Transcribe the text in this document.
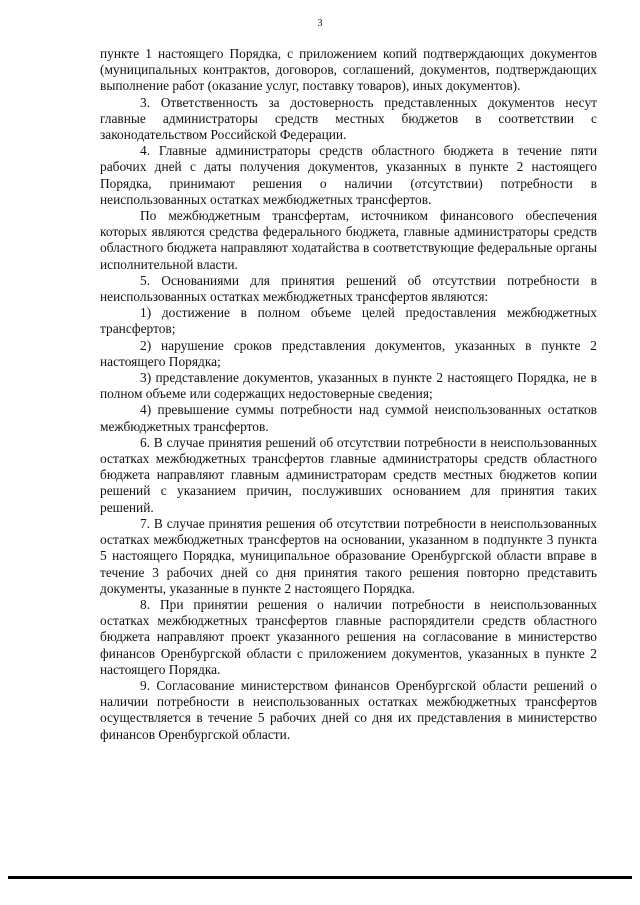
3

пункте 1 настоящего Порядка, с приложением копий подтверждающих документов (муниципальных контрактов, договоров, соглашений, документов, подтверждающих выполнение работ (оказание услуг, поставку товаров), иных документов).

3. Ответственность за достоверность представленных документов несут главные администраторы средств местных бюджетов в соответствии с законодательством Российской Федерации.

4. Главные администраторы средств областного бюджета в течение пяти рабочих дней с даты получения документов, указанных в пункте 2 настоящего Порядка, принимают решения о наличии (отсутствии) потребности в неиспользованных остатках межбюджетных трансфертов.

По межбюджетным трансфертам, источником финансового обеспечения которых являются средства федерального бюджета, главные администраторы средств областного бюджета направляют ходатайства в соответствующие федеральные органы исполнительной власти.

5. Основаниями для принятия решений об отсутствии потребности в неиспользованных остатках межбюджетных трансфертов являются:

1) достижение в полном объеме целей предоставления межбюджетных трансфертов;

2) нарушение сроков представления документов, указанных в пункте 2 настоящего Порядка;

3) представление документов, указанных в пункте 2 настоящего Порядка, не в полном объеме или содержащих недостоверные сведения;

4) превышение суммы потребности над суммой неиспользованных остатков межбюджетных трансфертов.

6. В случае принятия решений об отсутствии потребности в неиспользованных остатках межбюджетных трансфертов главные администраторы средств областного бюджета направляют главным администраторам средств местных бюджетов копии решений с указанием причин, послуживших основанием для принятия таких решений.

7. В случае принятия решения об отсутствии потребности в неиспользованных остатках межбюджетных трансфертов на основании, указанном в подпункте 3 пункта 5 настоящего Порядка, муниципальное образование Оренбургской области вправе в течение 3 рабочих дней со дня принятия такого решения повторно представить документы, указанные в пункте 2 настоящего Порядка.

8. При принятии решения о наличии потребности в неиспользованных остатках межбюджетных трансфертов главные распорядители средств областного бюджета направляют проект указанного решения на согласование в министерство финансов Оренбургской области с приложением документов, указанных в пункте 2 настоящего Порядка.

9. Согласование министерством финансов Оренбургской области решений о наличии потребности в неиспользованных остатках межбюджетных трансфертов осуществляется в течение 5 рабочих дней со дня их представления в министерство финансов Оренбургской области.
